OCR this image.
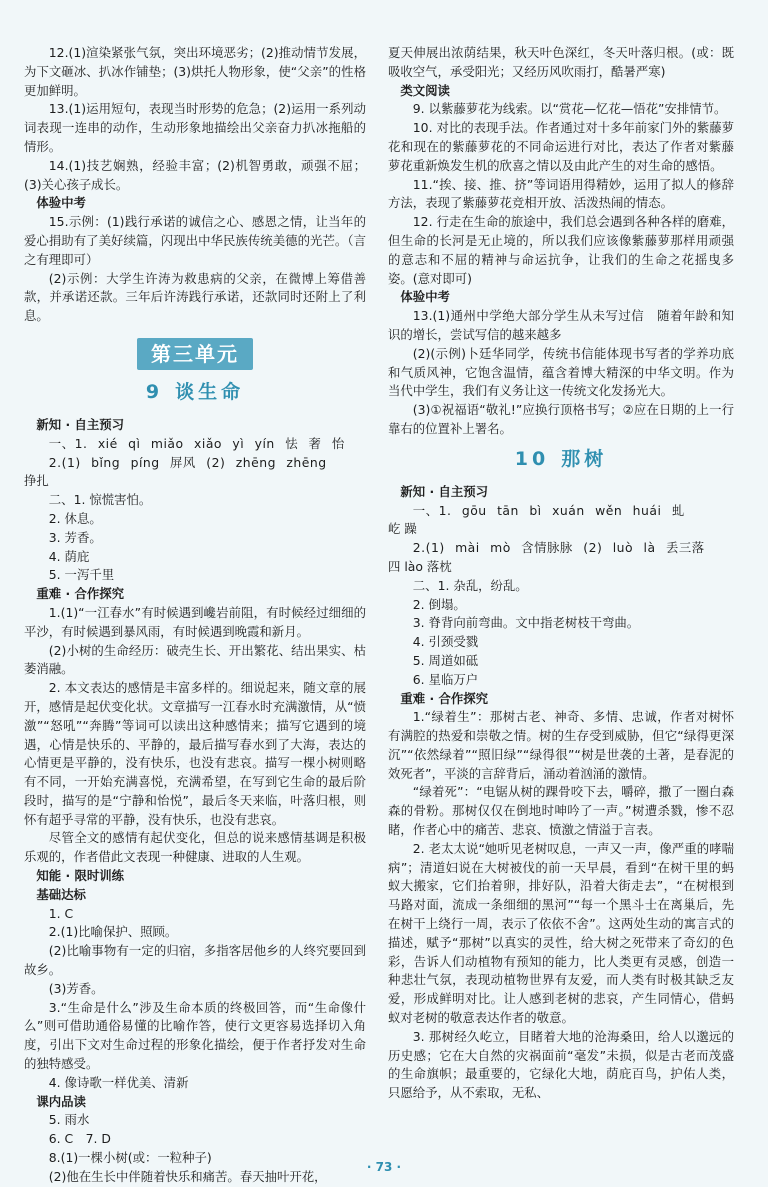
12.(1)渲染紧张气氛，突出环境恶劣；(2)推动情节发展，为下文砸冰、扒冰作铺垫；(3)烘托人物形象，使“父亲”的性格更加鲜明。

13.(1)运用短句，表现当时形势的危急；(2)运用一系列动词表现一连串的动作，生动形象地描绘出父亲奋力扒冰拖船的情形。

14.(1)技艺娴熟，经验丰富；(2)机智勇敢，顽强不屈；(3)关心孩子成长。

体验中考

15.示例：(1)践行承诺的诚信之心、感恩之情，让当年的爱心捐助有了美好续篇，闪现出中华民族传统美德的光芒。（言之有理即可）

(2)示例：大学生许涛为救患病的父亲，在微博上筹借善款，并承诺还款。三年后许涛践行承诺，还款同时还附上了利息。

第三单元
9 谈生命

新知 · 自主预习

一、1. xié qì miǎo xiǎo yì yín 怯 奢 怡

2.(1) bǐng píng 屏风 (2) zhēng zhēng

挣扎

二、1. 惊慌害怕。

2. 休息。

3. 芳香。

4. 荫庇

5. 一泻千里

重难 · 合作探究

1.(1)“一江春水”有时候遇到巉岩前阻，有时候经过细细的平沙，有时候遇到暴风雨，有时候遇到晚霞和新月。

(2)小树的生命经历：破壳生长、开出繁花、结出果实、枯萎消融。

2. 本文表达的感情是丰富多样的。细说起来，随文章的展开，感情是起伏变化状。文章描写一江春水时充满激情，从“愤激”“怒吼”“奔腾”等词可以读出这种感情来；描写它遇到的境遇，心情是快乐的、平静的，最后描写春水到了大海，表达的心情更是平静的，没有快乐，也没有悲哀。描写一棵小树则略有不同，一开始充满喜悦，充满希望，在写到它生命的最后阶段时，描写的是“宁静和怡悦”，最后冬天来临，叶落归根，则怀有超乎寻常的平静，没有快乐，也没有悲哀。

尽管全文的感情有起伏变化，但总的说来感情基调是积极乐观的，作者借此文表现一种健康、进取的人生观。

知能 · 限时训练

基础达标

1. C

2.(1)比喻保护、照顾。

(2)比喻事物有一定的归宿，多指客居他乡的人终究要回到故乡。

(3)芳香。

3.“生命是什么”涉及生命本质的终极回答，而“生命像什么”则可借助通俗易懂的比喻作答，使行文更容易选择切入角度，引出下文对生命过程的形象化描绘，便于作者抒发对生命的独特感受。

4. 像诗歌一样优美、清新

课内品读

5. 雨水

6. C　7. D

8.(1)一棵小树(或：一粒种子)

(2)他在生长中伴随着快乐和痛苦。春天抽叶开花，

夏天伸展出浓荫结果，秋天叶色深红，冬天叶落归根。(或：既吸收空气，承受阳光；又经历风吹雨打，酷暑严寒)

类文阅读

9. 以紫藤萝花为线索。以“赏花—忆花—悟花”安排情节。

10. 对比的表现手法。作者通过对十多年前家门外的紫藤萝花和现在的紫藤萝花的不同命运进行对比，表达了作者对紫藤萝花重新焕发生机的欣喜之情以及由此产生的对生命的感悟。

11.“挨、接、推、挤”等词语用得精妙，运用了拟人的修辞方法，表现了紫藤萝花竞相开放、活泼热闹的情态。

12. 行走在生命的旅途中，我们总会遇到各种各样的磨难，但生命的长河是无止境的，所以我们应该像紫藤萝那样用顽强的意志和不屈的精神与命运抗争，让我们的生命之花摇曳多姿。(意对即可)

体验中考

13.(1)通州中学绝大部分学生从未写过信　随着年龄和知识的增长，尝试写信的越来越多

(2)(示例)卜廷华同学，传统书信能体现书写者的学养功底和气质风神，它饱含温情，蕴含着博大精深的中华文明。作为当代中学生，我们有义务让这一传统文化发扬光大。

(3)①祝福语“敬礼!”应换行顶格书写；②应在日期的上一行靠右的位置补上署名。

10 那树

新知 · 自主预习

一、1. gōu tān bì xuán wěn huái 虬

屹 躁

2.(1) mài mò 含情脉脉 (2) luò là 丢三落

四 lào 落枕

二、1. 杂乱，纷乱。

2. 倒塌。

3. 脊背向前弯曲。文中指老树枝干弯曲。

4. 引颈受戮

5. 周道如砥

6. 星临万户

重难 · 合作探究

1.“绿着生”：那树古老、神奇、多情、忠诚，作者对树怀有满腔的热爱和崇敬之情。树的生存受到威胁，但它“绿得更深沉”“依然绿着”“照旧绿”“绿得很”“树是世袭的土著，是春泥的效死者”，平淡的言辞背后，涌动着汹涌的激情。

“绿着死”：“电锯从树的踝骨咬下去，嚼碎，撒了一圈白森森的骨粉。那树仅仅在倒地时呻吟了一声。”树遭杀戮，惨不忍睹，作者心中的痛苦、悲哀、愤激之情溢于言表。

2. 老太太说“她听见老树叹息，一声又一声，像严重的哮喘病”；清道妇说在大树被伐的前一天早晨，看到“在树干里的蚂蚁大搬家，它们抬着卵，排好队，沿着大街走去”，“在树根到马路对面，流成一条细细的黑河”“每一个黑斗士在离巢后，先在树干上绕行一周，表示了依依不舍”。这两处生动的寓言式的描述，赋予“那树”以真实的灵性，给大树之死带来了奇幻的色彩，告诉人们动植物有预知的能力，比人类更有灵感，创造一种悲壮气氛，表现动植物世界有友爱，而人类有时极其缺乏友爱，形成鲜明对比。让人感到老树的悲哀，产生同情心，借蚂蚁对老树的敬意表达作者的敬意。

3. 那树经久屹立，目睹着大地的沧海桑田，给人以邈远的历史感；它在大自然的灾祸面前“毫发”未损，似是古老而茂盛的生命旗帜；最重要的，它绿化大地，荫庇百鸟，护佑人类，只愿给予，从不索取，无私、

· 73 ·
